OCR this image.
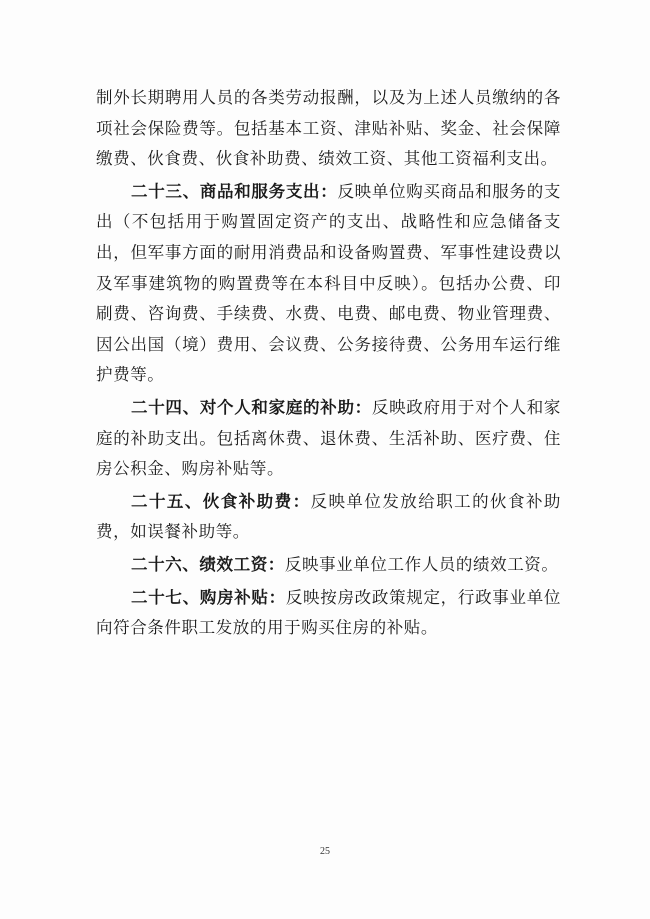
制外长期聘用人员的各类劳动报酬，以及为上述人员缴纳的各项社会保险费等。包括基本工资、津贴补贴、奖金、社会保障缴费、伙食费、伙食补助费、绩效工资、其他工资福利支出。

二十三、商品和服务支出：反映单位购买商品和服务的支出（不包括用于购置固定资产的支出、战略性和应急储备支出，但军事方面的耐用消费品和设备购置费、军事性建设费以及军事建筑物的购置费等在本科目中反映）。包括办公费、印刷费、咨询费、手续费、水费、电费、邮电费、物业管理费、因公出国（境）费用、会议费、公务接待费、公务用车运行维护费等。

二十四、对个人和家庭的补助：反映政府用于对个人和家庭的补助支出。包括离休费、退休费、生活补助、医疗费、住房公积金、购房补贴等。

二十五、伙食补助费：反映单位发放给职工的伙食补助费，如误餐补助等。

二十六、绩效工资：反映事业单位工作人员的绩效工资。

二十七、购房补贴：反映按房改政策规定，行政事业单位向符合条件职工发放的用于购买住房的补贴。

25
